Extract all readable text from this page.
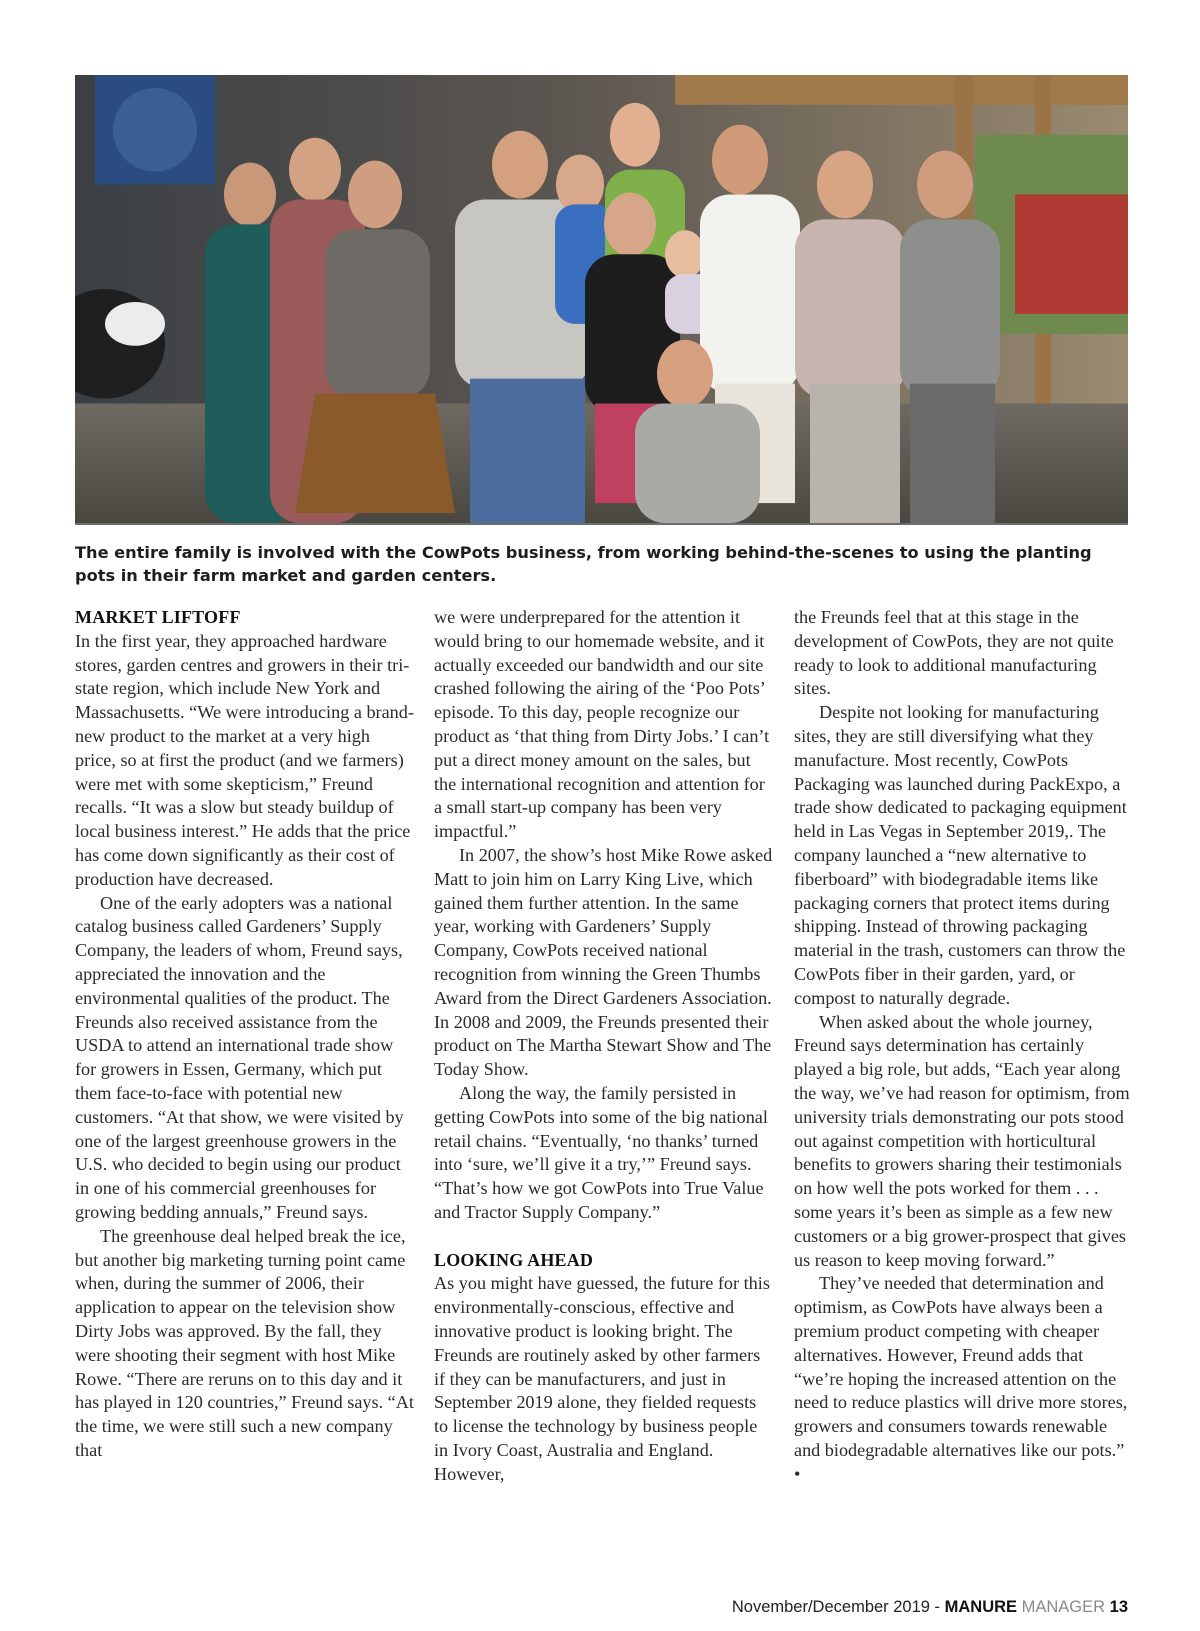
The entire family is involved with the CowPots business, from working behind-the-scenes to using the planting pots in their farm market and garden centers.

MARKET LIFTOFF

In the first year, they approached hardware stores, garden centres and growers in their tri-state region, which include New York and Massachusetts. “We were introducing a brand-new product to the market at a very high price, so at first the product (and we farmers) were met with some skepticism,” Freund recalls. “It was a slow but steady buildup of local business interest.” He adds that the price has come down significantly as their cost of production have decreased.

One of the early adopters was a national catalog business called Gardeners’ Supply Company, the leaders of whom, Freund says, appreciated the innovation and the environmental qualities of the product. The Freunds also received assistance from the USDA to attend an international trade show for growers in Essen, Germany, which put them face-to-face with potential new customers. “At that show, we were visited by one of the largest greenhouse growers in the U.S. who decided to begin using our product in one of his commercial greenhouses for growing bedding annuals,” Freund says.

The greenhouse deal helped break the ice, but another big marketing turning point came when, during the summer of 2006, their application to appear on the television show Dirty Jobs was approved. By the fall, they were shooting their segment with host Mike Rowe. “There are reruns on to this day and it has played in 120 countries,” Freund says. “At the time, we were still such a new company that

we were underprepared for the attention it would bring to our homemade website, and it actually exceeded our bandwidth and our site crashed following the airing of the ‘Poo Pots’ episode. To this day, people recognize our product as ‘that thing from Dirty Jobs.’ I can’t put a direct money amount on the sales, but the international recognition and attention for a small start-up company has been very impactful.”

In 2007, the show’s host Mike Rowe asked Matt to join him on Larry King Live, which gained them further attention. In the same year, working with Gardeners’ Supply Company, CowPots received national recognition from winning the Green Thumbs Award from the Direct Gardeners Association. In 2008 and 2009, the Freunds presented their product on The Martha Stewart Show and The Today Show.

Along the way, the family persisted in getting CowPots into some of the big national retail chains. “Eventually, ‘no thanks’ turned into ‘sure, we’ll give it a try,’” Freund says. “That’s how we got CowPots into True Value and Tractor Supply Company.”

LOOKING AHEAD

As you might have guessed, the future for this environmentally-conscious, effective and innovative product is looking bright. The Freunds are routinely asked by other farmers if they can be manufacturers, and just in September 2019 alone, they fielded requests to license the technology by business people in Ivory Coast, Australia and England. However,

the Freunds feel that at this stage in the development of CowPots, they are not quite ready to look to additional manufacturing sites.

Despite not looking for manufacturing sites, they are still diversifying what they manufacture. Most recently, CowPots Packaging was launched during PackExpo, a trade show dedicated to packaging equipment held in Las Vegas in September 2019,. The company launched a “new alternative to fiberboard” with biodegradable items like packaging corners that protect items during shipping. Instead of throwing packaging material in the trash, customers can throw the CowPots fiber in their garden, yard, or compost to naturally degrade.

When asked about the whole journey, Freund says determination has certainly played a big role, but adds, “Each year along the way, we’ve had reason for optimism, from university trials demonstrating our pots stood out against competition with horticultural benefits to growers sharing their testimonials on how well the pots worked for them . . . some years it’s been as simple as a few new customers or a big grower-prospect that gives us reason to keep moving forward.”

They’ve needed that determination and optimism, as CowPots have always been a premium product competing with cheaper alternatives. However, Freund adds that “we’re hoping the increased attention on the need to reduce plastics will drive more stores, growers and consumers towards renewable and biodegradable alternatives like our pots.” •

November/December 2019 - MANURE MANAGER 13
